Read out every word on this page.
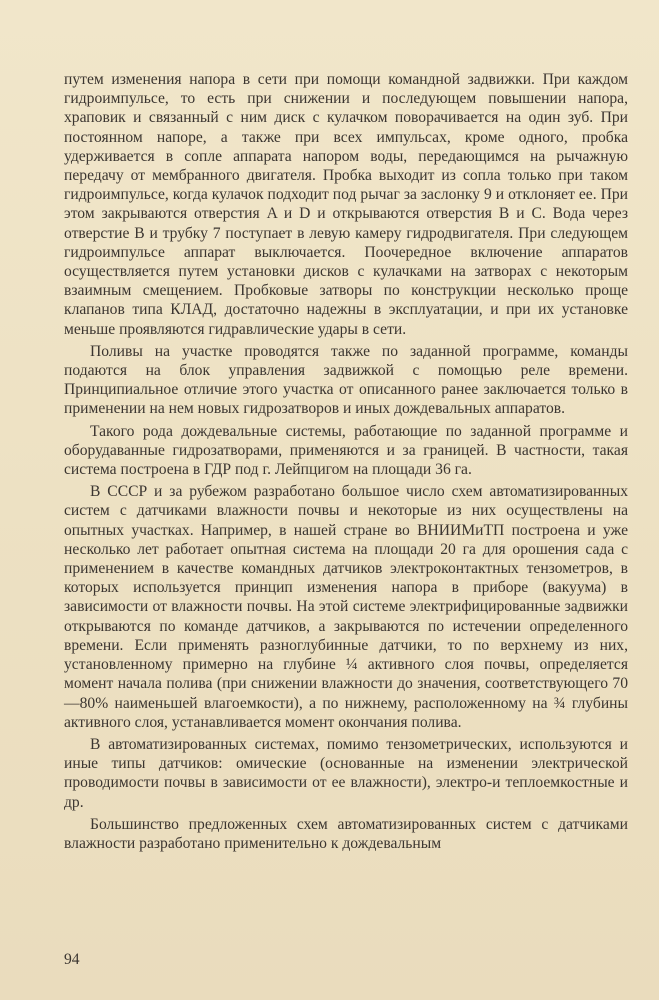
путем изменения напора в сети при помощи командной задвижки. При каждом гидроимпульсе, то есть при снижении и последующем повышении напора, храповик и связанный с ним диск с кулачком поворачивается на один зуб. При постоянном напоре, а также при всех импульсах, кроме одного, пробка удерживается в сопле аппарата напором воды, передающимся на рычажную передачу от мембранного двигателя. Пробка выходит из сопла только при таком гидроимпульсе, когда кулачок подходит под рычаг за заслонку 9 и отклоняет ее. При этом закрываются отверстия A и D и открываются отверстия B и C. Вода через отверстие B и трубку 7 поступает в левую камеру гидродвигателя. При следующем гидроимпульсе аппарат выключается. Поочередное включение аппаратов осуществляется путем установки дисков с кулачками на затворах с некоторым взаимным смещением. Пробковые затворы по конструкции несколько проще клапанов типа КЛАД, достаточно надежны в эксплуатации, и при их установке меньше проявляются гидравлические удары в сети.

Поливы на участке проводятся также по заданной программе, команды подаются на блок управления задвижкой с помощью реле времени. Принципиальное отличие этого участка от описанного ранее заключается только в применении на нем новых гидрозатворов и иных дождевальных аппаратов.

Такого рода дождевальные системы, работающие по заданной программе и оборудаванные гидрозатворами, применяются и за границей. В частности, такая система построена в ГДР под г. Лейпцигом на площади 36 га.

В СССР и за рубежом разработано большое число схем автоматизированных систем с датчиками влажности почвы и некоторые из них осуществлены на опытных участках. Например, в нашей стране во ВНИИМиТП построена и уже несколько лет работает опытная система на площади 20 га для орошения сада с применением в качестве командных датчиков электроконтактных тензометров, в которых используется принцип изменения напора в приборе (вакуума) в зависимости от влажности почвы. На этой системе электрифицированные задвижки открываются по команде датчиков, а закрываются по истечении определенного времени. Если применять разноглубинные датчики, то по верхнему из них, установленному примерно на глубине ¼ активного слоя почвы, определяется момент начала полива (при снижении влажности до значения, соответствующего 70—80% наименьшей влагоемкости), а по нижнему, расположенному на ¾ глубины активного слоя, устанавливается момент окончания полива.

В автоматизированных системах, помимо тензометрических, используются и иные типы датчиков: омические (основанные на изменении электрической проводимости почвы в зависимости от ее влажности), электро-и теплоемкостные и др.

Большинство предложенных схем автоматизированных систем с датчиками влажности разработано применительно к дождевальным

94
